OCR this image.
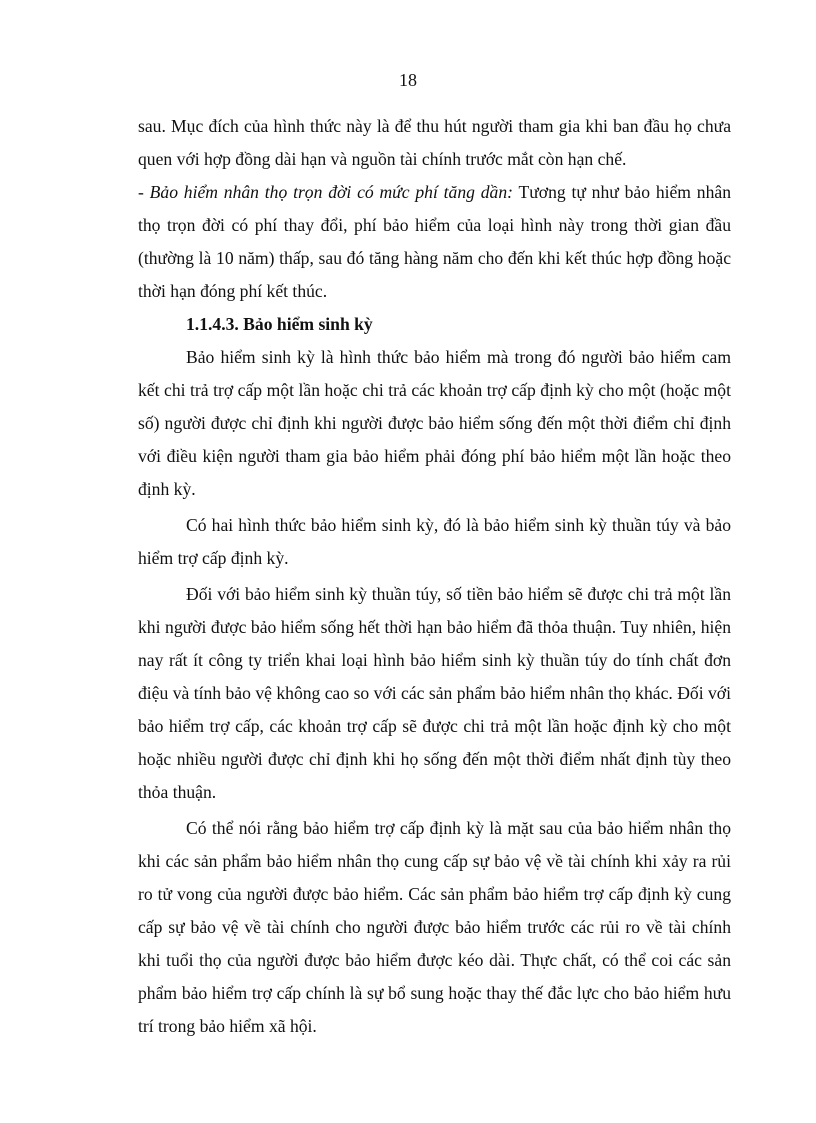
18

sau. Mục đích của hình thức này là để thu hút người tham gia khi ban đầu họ chưa quen với hợp đồng dài hạn và nguồn tài chính trước mắt còn hạn chế.

- Bảo hiểm nhân thọ trọn đời có mức phí tăng dần: Tương tự như bảo hiểm nhân thọ trọn đời có phí thay đổi, phí bảo hiểm của loại hình này trong thời gian đầu (thường là 10 năm) thấp, sau đó tăng hàng năm cho đến khi kết thúc hợp đồng hoặc thời hạn đóng phí kết thúc.

1.1.4.3. Bảo hiểm sinh kỳ

Bảo hiểm sinh kỳ là hình thức bảo hiểm mà trong đó người bảo hiểm cam kết chi trả trợ cấp một lần hoặc chi trả các khoản trợ cấp định kỳ cho một (hoặc một số) người được chỉ định khi người được bảo hiểm sống đến một thời điểm chỉ định với điều kiện người tham gia bảo hiểm phải đóng phí bảo hiểm một lần hoặc theo định kỳ.

Có hai hình thức bảo hiểm sinh kỳ, đó là bảo hiểm sinh kỳ thuần túy và bảo hiểm trợ cấp định kỳ.

Đối với bảo hiểm sinh kỳ thuần túy, số tiền bảo hiểm sẽ được chi trả một lần khi người được bảo hiểm sống hết thời hạn bảo hiểm đã thỏa thuận. Tuy nhiên, hiện nay rất ít công ty triển khai loại hình bảo hiểm sinh kỳ thuần túy do tính chất đơn điệu và tính bảo vệ không cao so với các sản phẩm bảo hiểm nhân thọ khác. Đối với bảo hiểm trợ cấp, các khoản trợ cấp sẽ được chi trả một lần hoặc định kỳ cho một hoặc nhiều người được chỉ định khi họ sống đến một thời điểm nhất định tùy theo thỏa thuận.

Có thể nói rằng bảo hiểm trợ cấp định kỳ là mặt sau của bảo hiểm nhân thọ khi các sản phẩm bảo hiểm nhân thọ cung cấp sự bảo vệ về tài chính khi xảy ra rủi ro tử vong của người được bảo hiểm. Các sản phẩm bảo hiểm trợ cấp định kỳ cung cấp sự bảo vệ về tài chính cho người được bảo hiểm trước các rủi ro về tài chính khi tuổi thọ của người được bảo hiểm được kéo dài. Thực chất, có thể coi các sản phẩm bảo hiểm trợ cấp chính là sự bổ sung hoặc thay thế đắc lực cho bảo hiểm hưu trí trong bảo hiểm xã hội.
